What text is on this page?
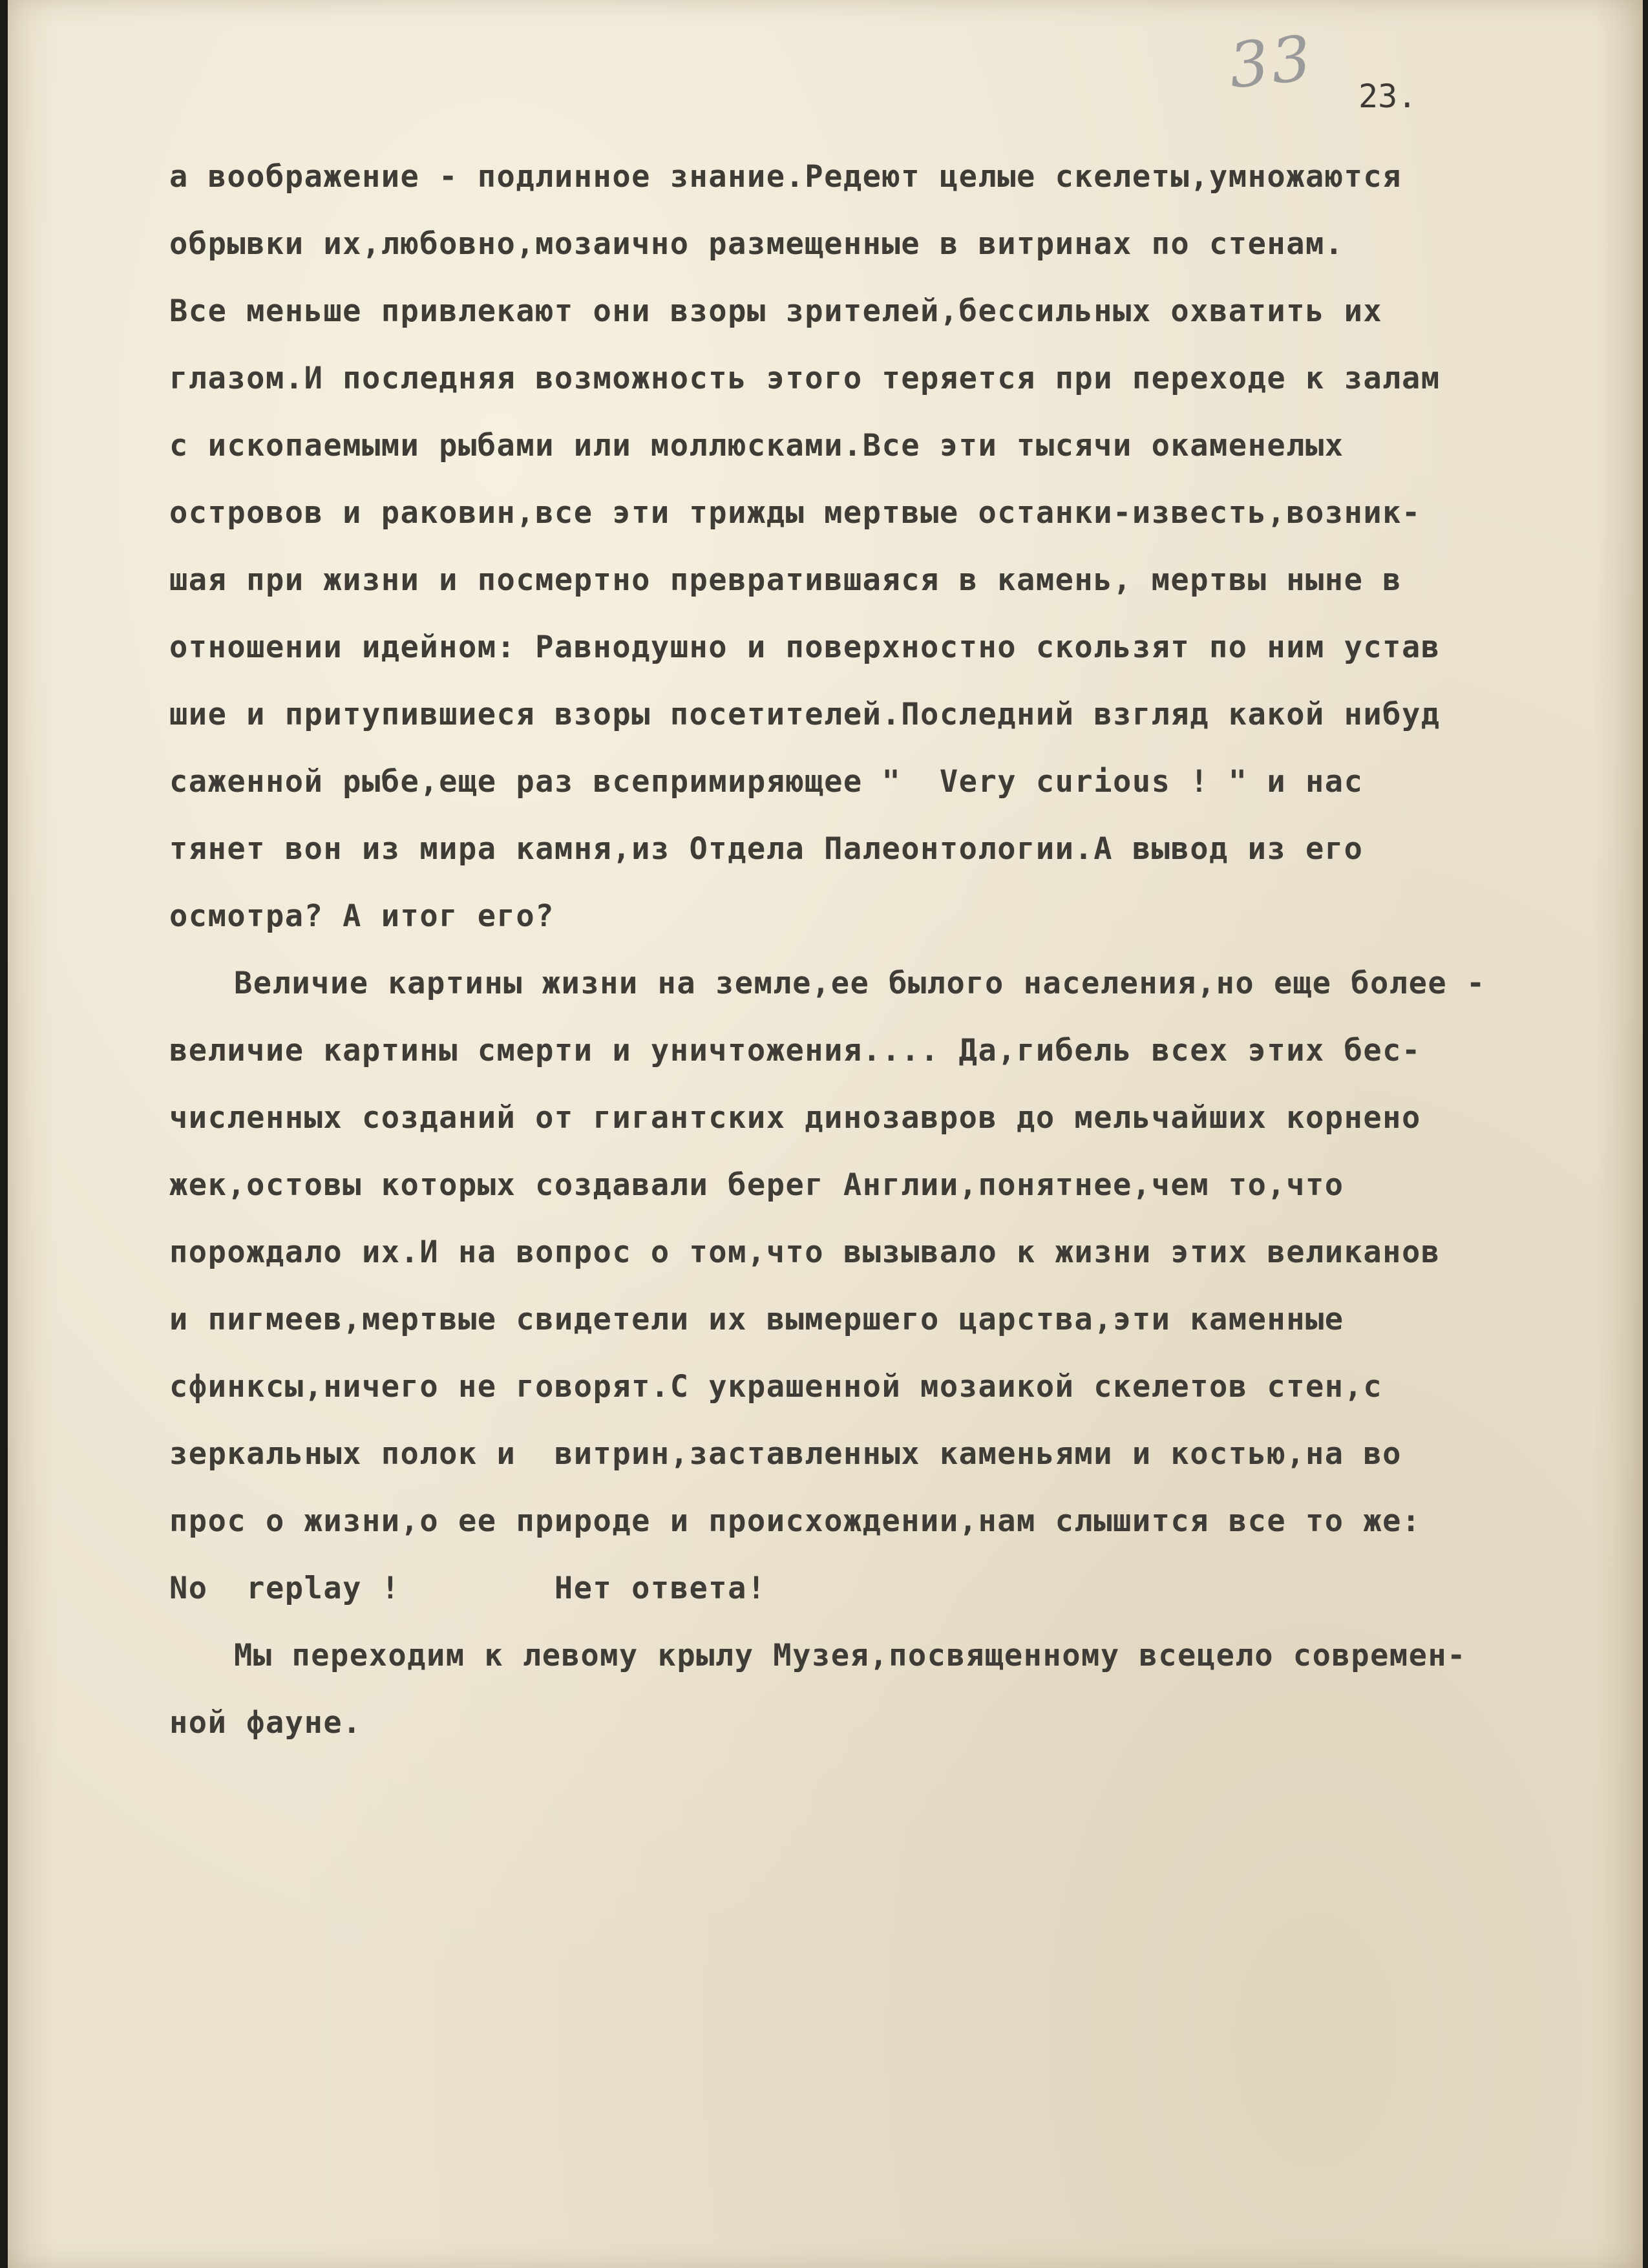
33 23.
а воображение - подлинное знание.Редеют целые скелеты,умножаются
обрывки их,любовно,мозаично размещенные в витринах по стенам.
Все меньше привлекают они взоры зрителей,бессильных охватить их
глазом.И последняя возможность этого теряется при переходе к залам
с ископаемыми рыбами или моллюсками.Все эти тысячи окаменелых
островов и раковин,все эти трижды мертвые останки-известь,возник-
шая при жизни и посмертно превратившаяся в камень, мертвы ныне в
отношении идейном: Равнодушно и поверхностно скользят по ним устав
шие и притупившиеся взоры посетителей.Последний взгляд какой нибуд
саженной рыбе,еще раз всепримиряющее "  Very curious ! " и нас
тянет вон из мира камня,из Отдела Палеонтологии.А вывод из его
осмотра? А итог его?
Величие картины жизни на земле,ее былого населения,но еще более -
величие картины смерти и уничтожения.... Да,гибель всех этих бес-
численных созданий от гигантских динозавров до мельчайших корнено
жек,остовы которых создавали берег Англии,понятнее,чем то,что
порождало их.И на вопрос о том,что вызывало к жизни этих великанов
и пигмеев,мертвые свидетели их вымершего царства,эти каменные
сфинксы,ничего не говорят.С украшенной мозаикой скелетов стен,с
зеркальных полок и  витрин,заставленных каменьями и костью,на во
прос о жизни,о ее природе и происхождении,нам слышится все то же:
No  replay !        Нет ответа!
Мы переходим к левому крылу Музея,посвященному всецело современ-
ной фауне.
